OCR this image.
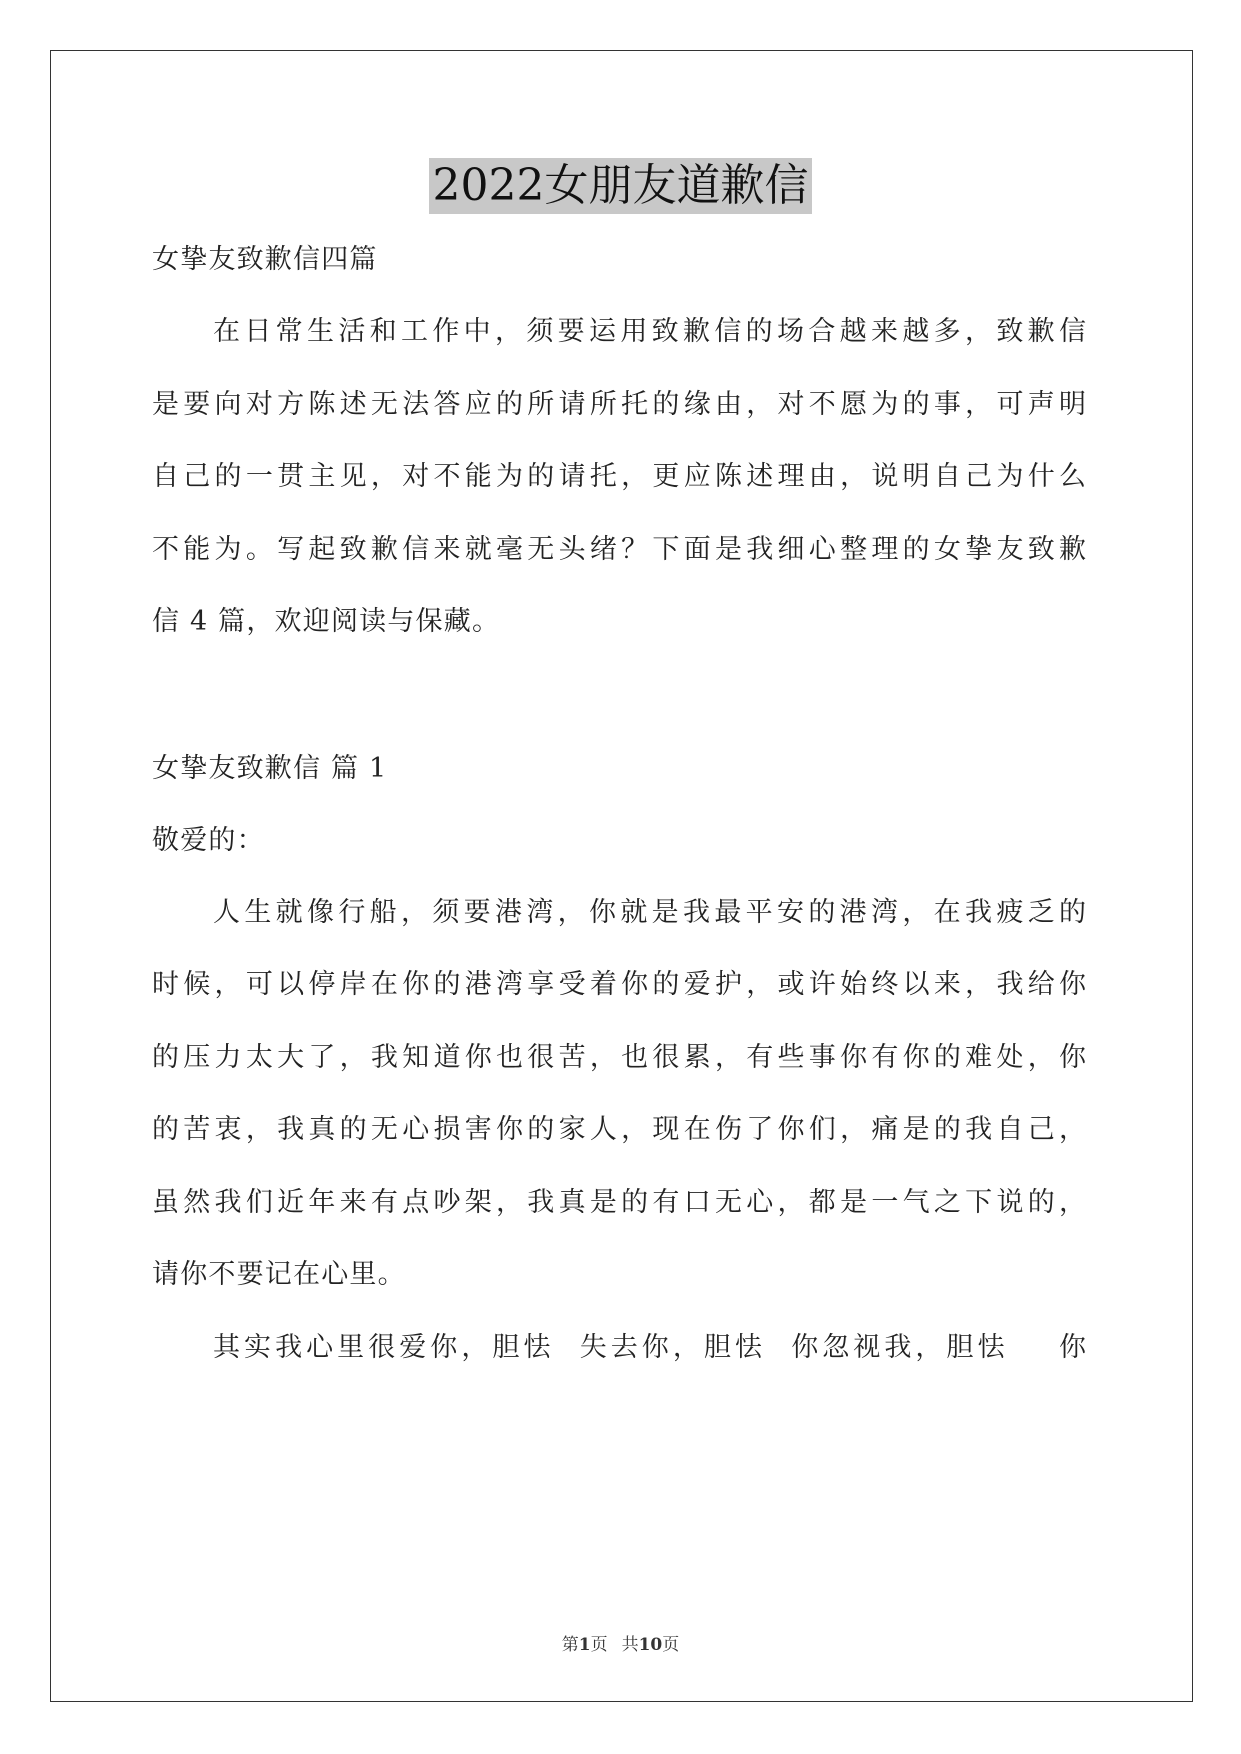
2022女朋友道歉信
女挚友致歉信四篇
在日常生活和工作中，须要运用致歉信的场合越来越多，致歉信
是要向对方陈述无法答应的所请所托的缘由，对不愿为的事，可声明
自己的一贯主见，对不能为的请托，更应陈述理由，说明自己为什么
不能为。写起致歉信来就毫无头绪？下面是我细心整理的女挚友致歉
信 4 篇，欢迎阅读与保藏。
女挚友致歉信 篇 1
敬爱的：
人生就像行船，须要港湾，你就是我最平安的港湾，在我疲乏的
时候，可以停岸在你的港湾享受着你的爱护，或许始终以来，我给你
的压力太大了，我知道你也很苦，也很累，有些事你有你的难处，你
的苦衷，我真的无心损害你的家人，现在伤了你们，痛是的我自己，
虽然我们近年来有点吵架，我真是的有口无心，都是一气之下说的，
请你不要记在心里。
其实我心里很爱你，胆怯  失去你，胆怯  你忽视我，胆怯    你
第1页 共10页
